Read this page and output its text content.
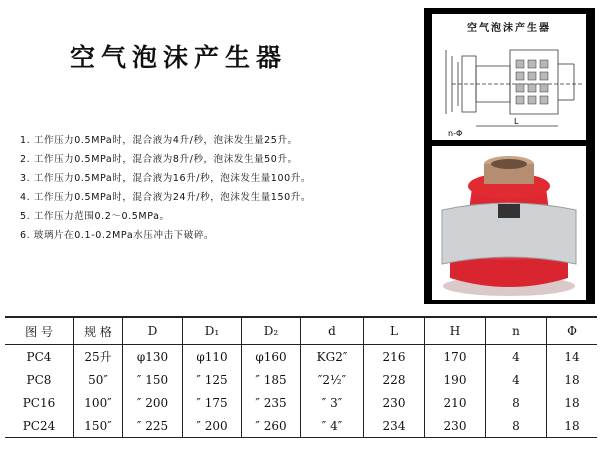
空气泡沫产生器
1. 工作压力0.5MPa时，混合液为4升/秒，泡沫发生量25升。
2. 工作压力0.5MPa时，混合液为8升/秒，泡沫发生量50升。
3. 工作压力0.5MPa时，混合液为16升/秒，泡沫发生量100升。
4. 工作压力0.5MPa时，混合液为24升/秒，泡沫发生量150升。
5. 工作压力范围0.2～0.5MPa。
6. 玻璃片在0.1-0.2MPa水压冲击下破碎。
空气泡沫产生器
n-Φ
L
图 号	规 格	D	D₁	D₂	d	L	H	n	Φ
PC4	25升	φ130	φ110	φ160	KG2″	216	170	4	14
PC8	50″	″ 150	″ 125	″ 185	″2½″	228	190	4	18
PC16	100″	″ 200	″ 175	″ 235	″ 3″	230	210	8	18
PC24	150″	″ 225	″ 200	″ 260	″ 4″	234	230	8	18
